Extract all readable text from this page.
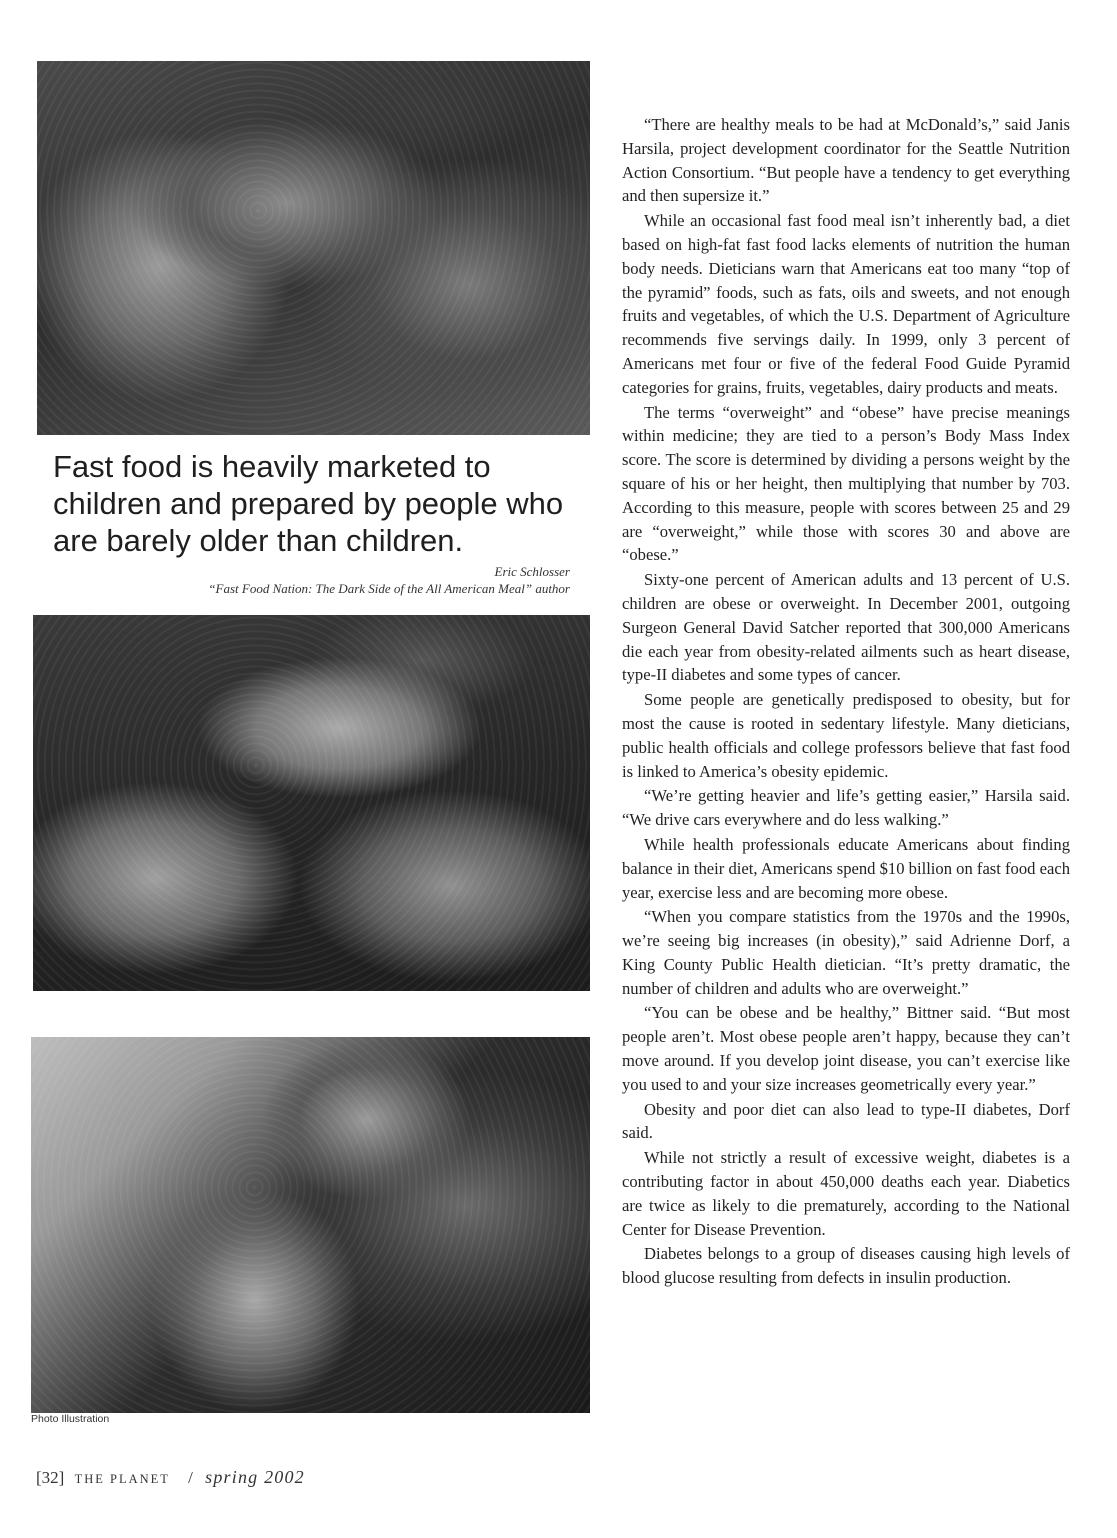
Fast food is heavily marketed to children and prepared by people who are barely older than children.

Eric Schlosser
“Fast Food Nation: The Dark Side of the All American Meal” author
Photo Illustration

“There are healthy meals to be had at McDonald’s,” said Janis Harsila, project development coordinator for the Seattle Nutrition Action Consortium. “But people have a tendency to get everything and then supersize it.”

While an occasional fast food meal isn’t inherently bad, a diet based on high-fat fast food lacks elements of nutrition the human body needs. Dieticians warn that Americans eat too many “top of the pyramid” foods, such as fats, oils and sweets, and not enough fruits and vegetables, of which the U.S. Department of Agriculture recommends five servings daily. In 1999, only 3 percent of Americans met four or five of the federal Food Guide Pyramid categories for grains, fruits, vegetables, dairy products and meats.

The terms “overweight” and “obese” have precise meanings within medicine; they are tied to a person’s Body Mass Index score. The score is determined by dividing a persons weight by the square of his or her height, then multiplying that number by 703. According to this measure, people with scores between 25 and 29 are “overweight,” while those with scores 30 and above are “obese.”

Sixty-one percent of American adults and 13 percent of U.S. children are obese or overweight. In December 2001, outgoing Surgeon General David Satcher reported that 300,000 Americans die each year from obesity-related ailments such as heart disease, type-II diabetes and some types of cancer.

Some people are genetically predisposed to obesity, but for most the cause is rooted in sedentary lifestyle. Many dieticians, public health officials and college professors believe that fast food is linked to America’s obesity epidemic.

“We’re getting heavier and life’s getting easier,” Harsila said. “We drive cars everywhere and do less walking.”

While health professionals educate Americans about finding balance in their diet, Americans spend $10 billion on fast food each year, exercise less and are becoming more obese.

“When you compare statistics from the 1970s and the 1990s, we’re seeing big increases (in obesity),” said Adrienne Dorf, a King County Public Health dietician. “It’s pretty dramatic, the number of children and adults who are overweight.”

“You can be obese and be healthy,” Bittner said. “But most people aren’t. Most obese people aren’t happy, because they can’t move around. If you develop joint disease, you can’t exercise like you used to and your size increases geometrically every year.”

Obesity and poor diet can also lead to type-II diabetes, Dorf said.

While not strictly a result of excessive weight, diabetes is a contributing factor in about 450,000 deaths each year. Diabetics are twice as likely to die prematurely, according to the National Center for Disease Prevention.

Diabetes belongs to a group of diseases causing high levels of blood glucose resulting from defects in insulin production.

[32] THE PLANET / spring 2002
